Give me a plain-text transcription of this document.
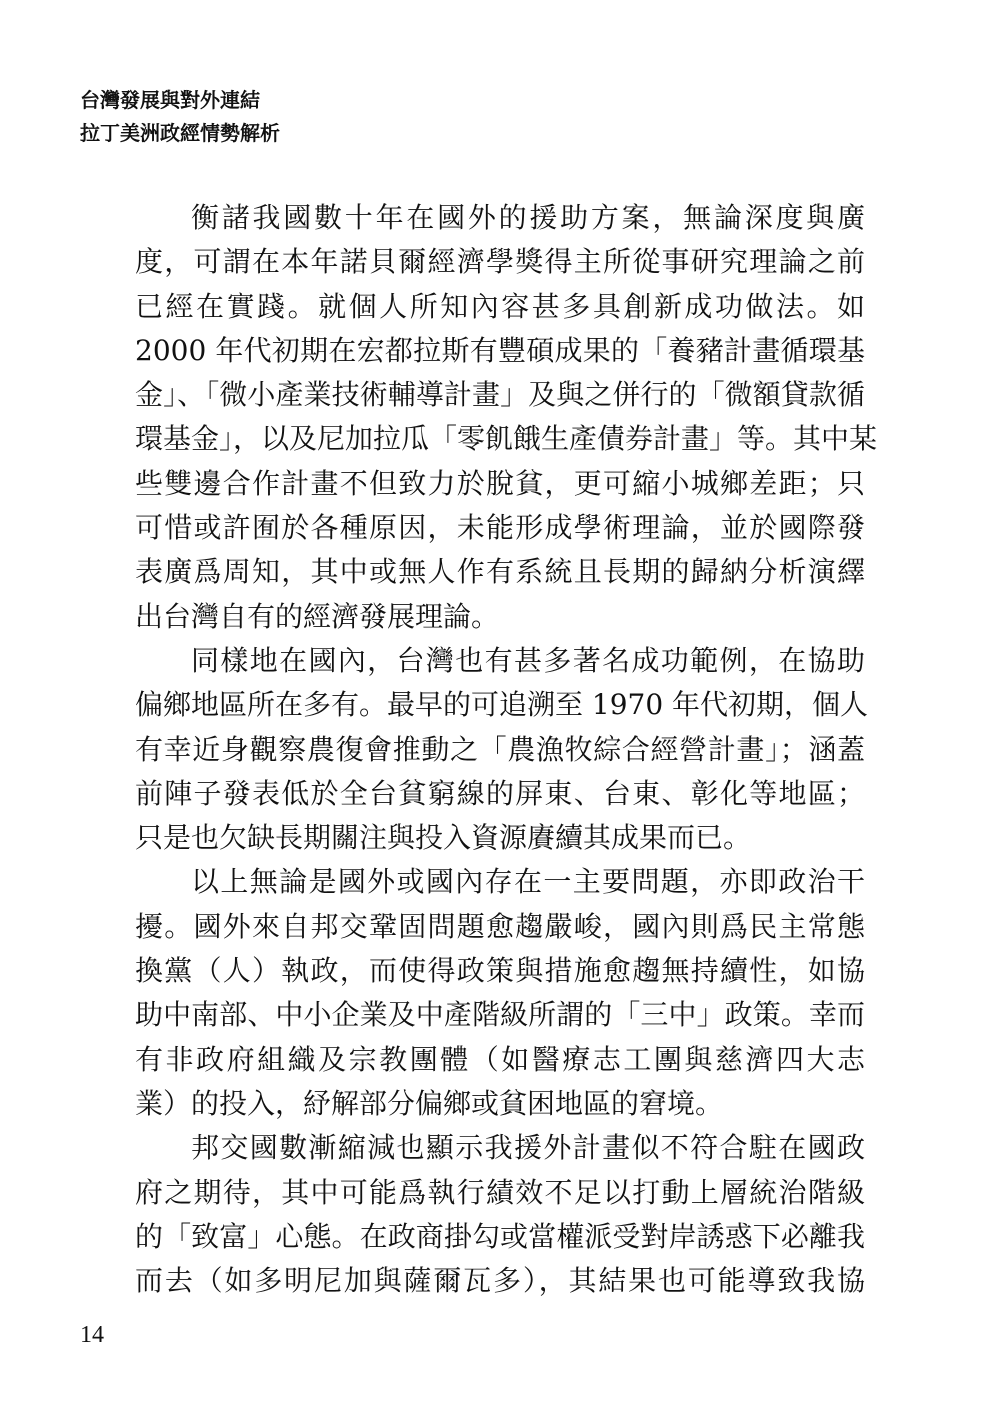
台灣發展與對外連結
拉丁美洲政經情勢解析
衡諸我國數十年在國外的援助方案，無論深度與廣
度，可謂在本年諾貝爾經濟學獎得主所從事研究理論之前
已經在實踐。就個人所知內容甚多具創新成功做法。如
2000 年代初期在宏都拉斯有豐碩成果的「養豬計畫循環基
金」、「微小產業技術輔導計畫」及與之併行的「微額貸款循
環基金」，以及尼加拉瓜「零飢餓生產債券計畫」等。其中某
些雙邊合作計畫不但致力於脫貧，更可縮小城鄉差距；只
可惜或許囿於各種原因，未能形成學術理論，並於國際發
表廣爲周知，其中或無人作有系統且長期的歸納分析演繹
出台灣自有的經濟發展理論。
同樣地在國內，台灣也有甚多著名成功範例，在協助
偏鄉地區所在多有。最早的可追溯至 1970 年代初期，個人
有幸近身觀察農復會推動之「農漁牧綜合經營計畫」；涵蓋
前陣子發表低於全台貧窮線的屏東、台東、彰化等地區；
只是也欠缺長期關注與投入資源賡續其成果而已。
以上無論是國外或國內存在一主要問題，亦即政治干
擾。國外來自邦交鞏固問題愈趨嚴峻，國內則爲民主常態
換黨（人）執政，而使得政策與措施愈趨無持續性，如協
助中南部、中小企業及中產階級所謂的「三中」政策。幸而
有非政府組織及宗教團體（如醫療志工團與慈濟四大志
業）的投入，紓解部分偏鄉或貧困地區的窘境。
邦交國數漸縮減也顯示我援外計畫似不符合駐在國政
府之期待，其中可能爲執行績效不足以打動上層統治階級
的「致富」心態。在政商掛勾或當權派受對岸誘惑下必離我
而去（如多明尼加與薩爾瓦多），其結果也可能導致我協
14
